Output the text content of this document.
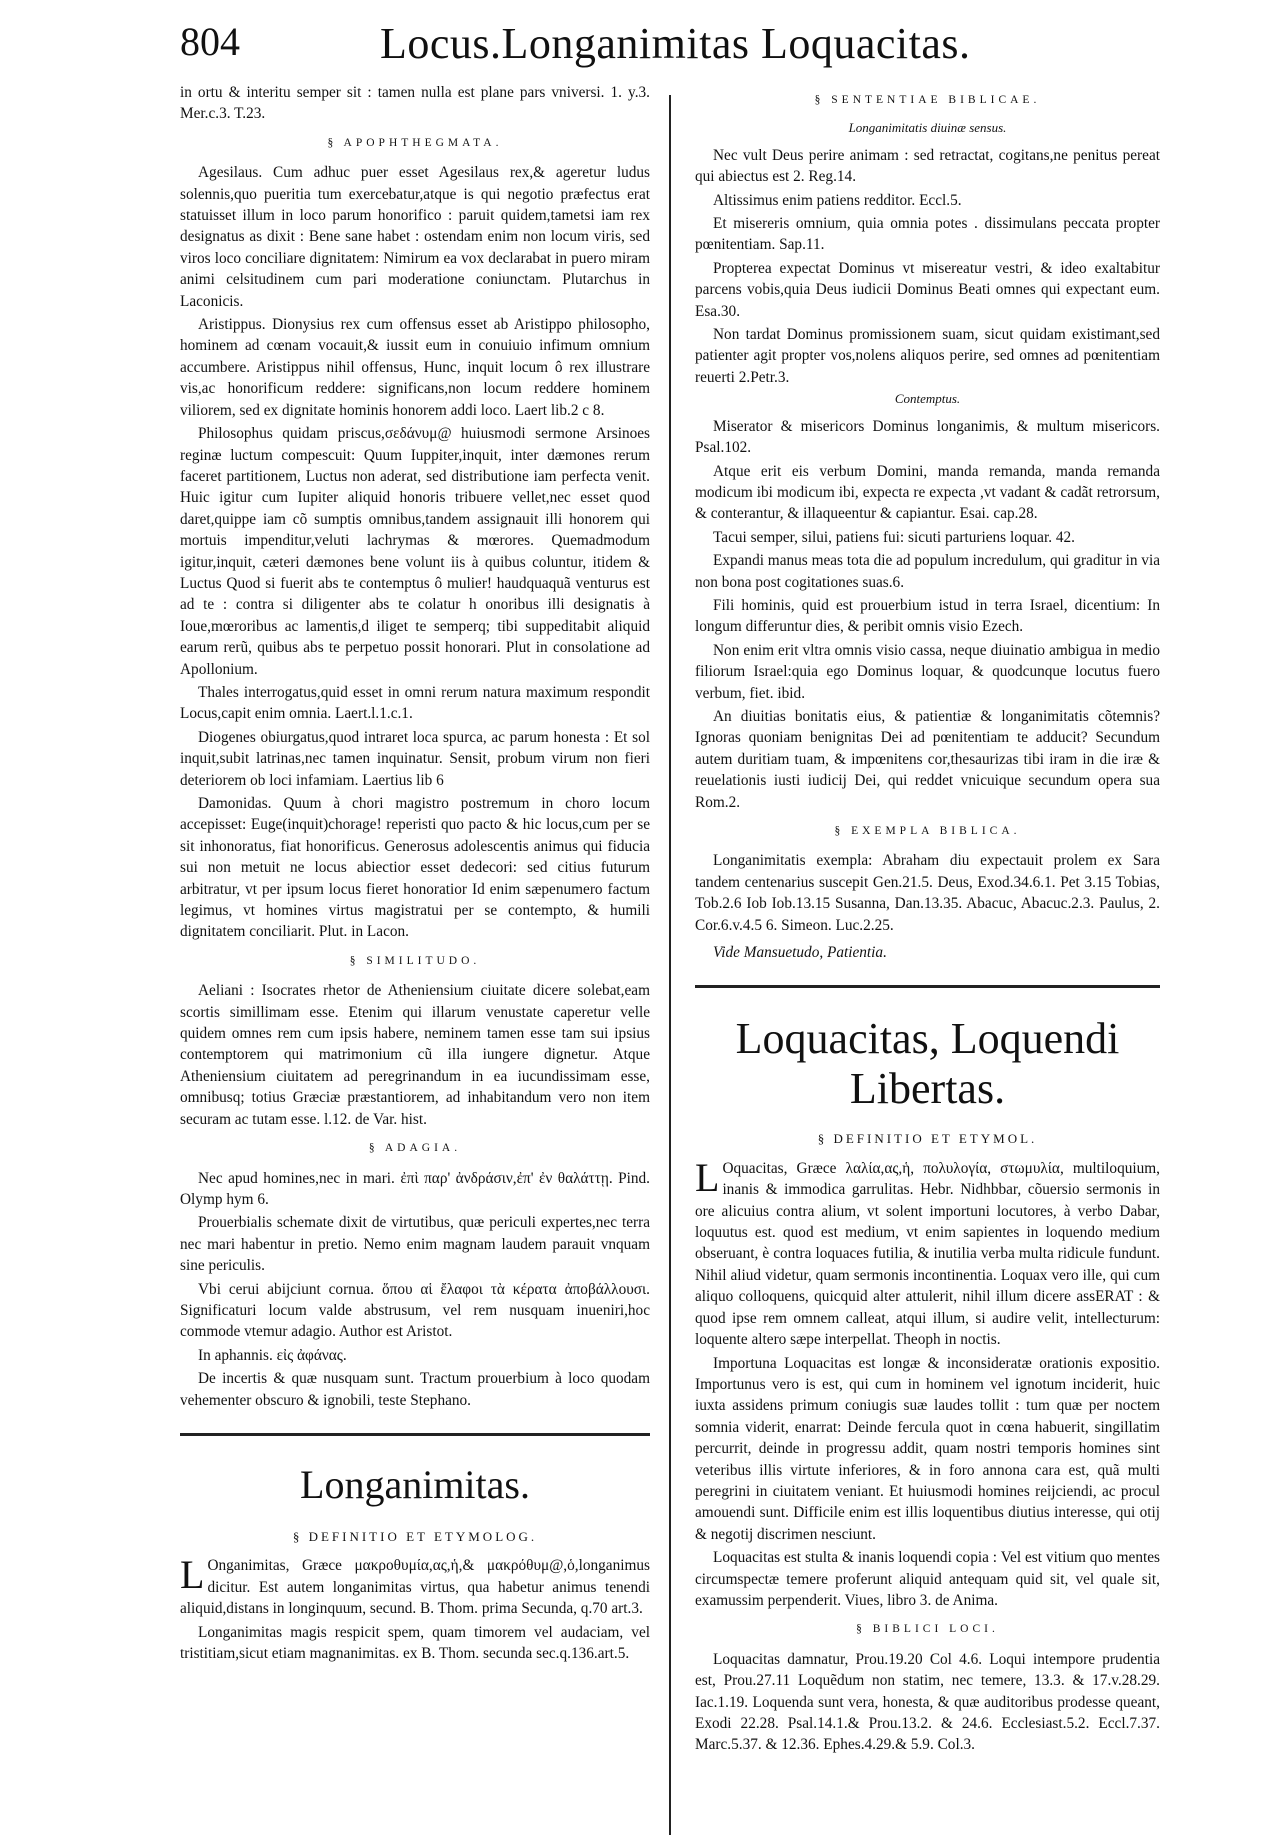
804	Locus.Longanimitas Loquacitas.

in ortu & interitu semper sit : tamen nulla est plane pars vniversi. 1. y.3. Mer.c.3. T.23.

§ APOPHTHEGMATA.

Agesilaus. Cum adhuc puer esset Agesilaus rex,& ageretur ludus solennis,quo pueritia tum exercebatur,atque is qui negotio præfectus erat statuisset illum in loco parum honorifico : paruit quidem,tametsi iam rex designatus as dixit : Bene sane habet : ostendam enim non locum viris, sed viros loco conciliare dignitatem: Nimirum ea vox declarabat in puero miram animi celsitudinem cum pari moderatione coniunctam. Plutarchus in Laconicis.

Aristippus. Dionysius rex cum offensus esset ab Aristippo philosopho, hominem ad cœnam vocauit,& iussit eum in conuiuio infimum omnium accumbere. Aristippus nihil offensus, Hunc, inquit locum ô rex illustrare vis,ac honorificum reddere: significans,non locum reddere hominem viliorem, sed ex dignitate hominis honorem addi loco. Laert lib.2 c 8.

Philosophus quidam priscus,σεδάνυμ@ huiusmodi sermone Arsinoes reginæ luctum compescuit: Quum Iuppiter,inquit, inter dæmones rerum faceret partitionem, Luctus non aderat, sed distributione iam perfecta venit. Huic igitur cum Iupiter aliquid honoris tribuere vellet,nec esset quod daret,quippe iam cõ sumptis omnibus,tandem assignauit illi honorem qui mortuis impenditur,veluti lachrymas & mœrores. Quemadmodum igitur,inquit, cæteri dæmones bene volunt iis à quibus coluntur, itidem & Luctus Quod si fuerit abs te contemptus ô mulier! haudquaquã venturus est ad te : contra si diligenter abs te colatur h onoribus illi designatis à Ioue,mœroribus ac lamentis,d iliget te semperq; tibi suppeditabit aliquid earum rerũ, quibus abs te perpetuo possit honorari. Plut in consolatione ad Apollonium.

Thales interrogatus,quid esset in omni rerum natura maximum respondit Locus,capit enim omnia. Laert.l.1.c.1.

Diogenes obiurgatus,quod intraret loca spurca, ac parum honesta : Et sol inquit,subit latrinas,nec tamen inquinatur. Sensit, probum virum non fieri deteriorem ob loci infamiam. Laertius lib 6

Damonidas. Quum à chori magistro postremum in choro locum accepisset: Euge(inquit)chorage! reperisti quo pacto & hic locus,cum per se sit inhonoratus, fiat honorificus. Generosus adolescentis animus qui fiducia sui non metuit ne locus abiectior esset dedecori: sed citius futurum arbitratur, vt per ipsum locus fieret honoratior Id enim sæpenumero factum legimus, vt homines virtus magistratui per se contempto, & humili dignitatem conciliarit. Plut. in Lacon.

§ SIMILITUDO.

Aeliani : Isocrates rhetor de Atheniensium ciuitate dicere solebat,eam scortis simillimam esse. Etenim qui illarum venustate caperetur velle quidem omnes rem cum ipsis habere, neminem tamen esse tam sui ipsius contemptorem qui matrimonium cũ illa iungere dignetur. Atque Atheniensium ciuitatem ad peregrinandum in ea iucundissimam esse, omnibusq; totius Græciæ præstantiorem, ad inhabitandum vero non item securam ac tutam esse. l.12. de Var. hist.

§ ADAGIA.

Nec apud homines,nec in mari. ἐπὶ παρ' ἀνδράσιν,ἐπ' ἐν θαλάττῃ. Pind. Olymp hym 6.

Prouerbialis schemate dixit de virtutibus, quæ periculi expertes,nec terra nec mari habentur in pretio. Nemo enim magnam laudem parauit vnquam sine periculis.

Vbi cerui abijciunt cornua. ὅπου αἱ ἔλαφοι τὰ κέρατα ἀποβάλλουσι. Significaturi locum valde abstrusum, vel rem nusquam inueniri,hoc commode vtemur adagio. Author est Aristot.

In aphannis. εἰς ἀφάνας.

De incertis & quæ nusquam sunt. Tractum prouerbium à loco quodam vehementer obscuro & ignobili, teste Stephano.

Longanimitas.
§ DEFINITIO ET ETYMOLOG.

L Onganimitas, Græce μακροθυμία,ας,ἡ,& μακρόθυμ@,ὁ,longanimus dicitur. Est autem longanimitas virtus, qua habetur animus tenendi aliquid,distans in longinquum, secund. B. Thom. prima Secunda, q.70 art.3.

Longanimitas magis respicit spem, quam timorem vel audaciam, vel tristitiam,sicut etiam magnanimitas. ex B. Thom. secunda sec.q.136.art.5.

§ SENTENTIAE BIBLICAE.
Longanimitatis diuinæ sensus.

Nec vult Deus perire animam : sed retractat, cogitans,ne penitus pereat qui abiectus est 2. Reg.14.

Altissimus enim patiens redditor. Eccl.5.

Et misereris omnium, quia omnia potes . dissimulans peccata propter pœnitentiam. Sap.11.

Propterea expectat Dominus vt misereatur vestri, & ideo exaltabitur parcens vobis,quia Deus iudicii Dominus Beati omnes qui expectant eum. Esa.30.

Non tardat Dominus promissionem suam, sicut quidam existimant,sed patienter agit propter vos,nolens aliquos perire, sed omnes ad pœnitentiam reuerti 2.Petr.3.

Contemptus.

Miserator & misericors Dominus longanimis, & multum misericors. Psal.102.

Atque erit eis verbum Domini, manda remanda, manda remanda modicum ibi modicum ibi, expecta re expecta ,vt vadant & cadãt retrorsum, & conterantur, & illaqueentur & capiantur. Esai. cap.28.

Tacui semper, silui, patiens fui: sicuti parturiens loquar. 42.

Expandi manus meas tota die ad populum incredulum, qui graditur in via non bona post cogitationes suas.6.

Fili hominis, quid est prouerbium istud in terra Israel, dicentium: In longum differuntur dies, & peribit omnis visio Ezech.

Non enim erit vltra omnis visio cassa, neque diuinatio ambigua in medio filiorum Israel:quia ego Dominus loquar, & quodcunque locutus fuero verbum, fiet. ibid.

An diuitias bonitatis eius, & patientiæ & longanimitatis cõtemnis? Ignoras quoniam benignitas Dei ad pœnitentiam te adducit? Secundum autem duritiam tuam, & impœnitens cor,thesaurizas tibi iram in die iræ & reuelationis iusti iudicij Dei, qui reddet vnicuique secundum opera sua Rom.2.

§ EXEMPLA BIBLICA.

Longanimitatis exempla: Abraham diu expectauit prolem ex Sara tandem centenarius suscepit Gen.21.5. Deus, Exod.34.6.1. Pet 3.15 Tobias, Tob.2.6 Iob Iob.13.15 Susanna, Dan.13.35. Abacuc, Abacuc.2.3. Paulus, 2. Cor.6.v.4.5 6. Simeon. Luc.2.25.

Vide Mansuetudo, Patientia.

Loquacitas, Loquendi
Libertas.
§ DEFINITIO ET ETYMOL.

L Oquacitas, Græce λαλία,ας,ἡ, πολυλογία, στωμυλία, multiloquium, inanis & immodica garrulitas. Hebr. Nidhbbar, cõuersio sermonis in ore alicuius contra alium, vt solent importuni locutores, à verbo Dabar, loquutus est. quod est medium, vt enim sapientes in loquendo medium obseruant, è contra loquaces futilia, & inutilia verba multa ridicule fundunt. Nihil aliud videtur, quam sermonis incontinentia. Loquax vero ille, qui cum aliquo colloquens, quicquid alter attulerit, nihil illum dicere assERAT : & quod ipse rem omnem calleat, atqui illum, si audire velit, intellecturum: loquente altero sæpe interpellat. Theoph in noctis.

Importuna Loquacitas est longæ & inconsideratæ orationis expositio. Importunus vero is est, qui cum in hominem vel ignotum inciderit, huic iuxta assidens primum coniugis suæ laudes tollit : tum quæ per noctem somnia viderit, enarrat: Deinde fercula quot in cœna habuerit, singillatim percurrit, deinde in progressu addit, quam nostri temporis homines sint veteribus illis virtute inferiores, & in foro annona cara est, quã multi peregrini in ciuitatem veniant. Et huiusmodi homines reijciendi, ac procul amouendi sunt. Difficile enim est illis loquentibus diutius interesse, qui otij & negotij discrimen nesciunt.

Loquacitas est stulta & inanis loquendi copia : Vel est vitium quo mentes circumspectæ temere proferunt aliquid antequam quid sit, vel quale sit, examussim perpenderit. Viues, libro 3. de Anima.

§ BIBLICI LOCI.

Loquacitas damnatur, Prou.19.20 Col 4.6. Loqui intempore prudentia est, Prou.27.11 Loquẽdum non statim, nec temere, 13.3. & 17.v.28.29. Iac.1.19. Loquenda sunt vera, honesta, & quæ auditoribus prodesse queant, Exodi 22.28. Psal.14.1.& Prou.13.2. & 24.6. Ecclesiast.5.2. Eccl.7.37. Marc.5.37. & 12.36. Ephes.4.29.& 5.9. Col.3.
